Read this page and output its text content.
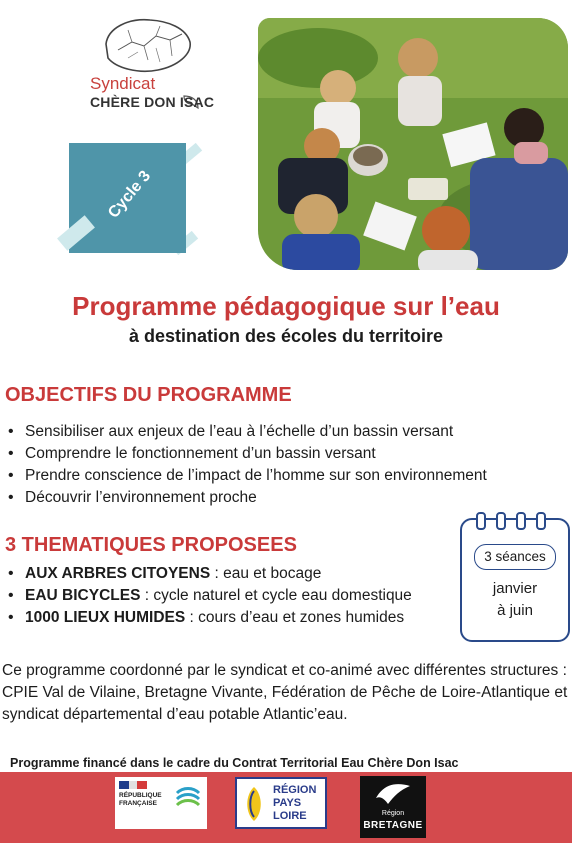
Syndicat
CHÈRE DON ISAC
Cycle 3
Programme pédagogique sur l’eau
à destination des écoles du territoire
OBJECTIFS DU PROGRAMME
• Sensibiliser aux enjeux de l’eau à l’échelle d’un bassin versant
• Comprendre le fonctionnement d’un bassin versant
• Prendre conscience de l’impact de l’homme sur son environnement
• Découvrir l’environnement proche
3 THEMATIQUES PROPOSEES
• AUX ARBRES CITOYENS : eau et bocage
• EAU BICYCLES : cycle naturel et cycle eau domestique
• 1000 LIEUX HUMIDES : cours d’eau et zones humides
3 séances
janvier
à juin
Ce programme coordonné par le syndicat et co-animé avec différentes structures : CPIE Val de Vilaine, Bretagne Vivante, Fédération de Pêche de Loire-Atlantique et syndicat départemental d’eau potable Atlantic’eau.
Programme financé dans le cadre du Contrat Territorial Eau Chère Don Isac
RÉPUBLIQUE
FRANÇAISE
RÉGION
PAYS
LOIRE	Région
BRETAGNE
